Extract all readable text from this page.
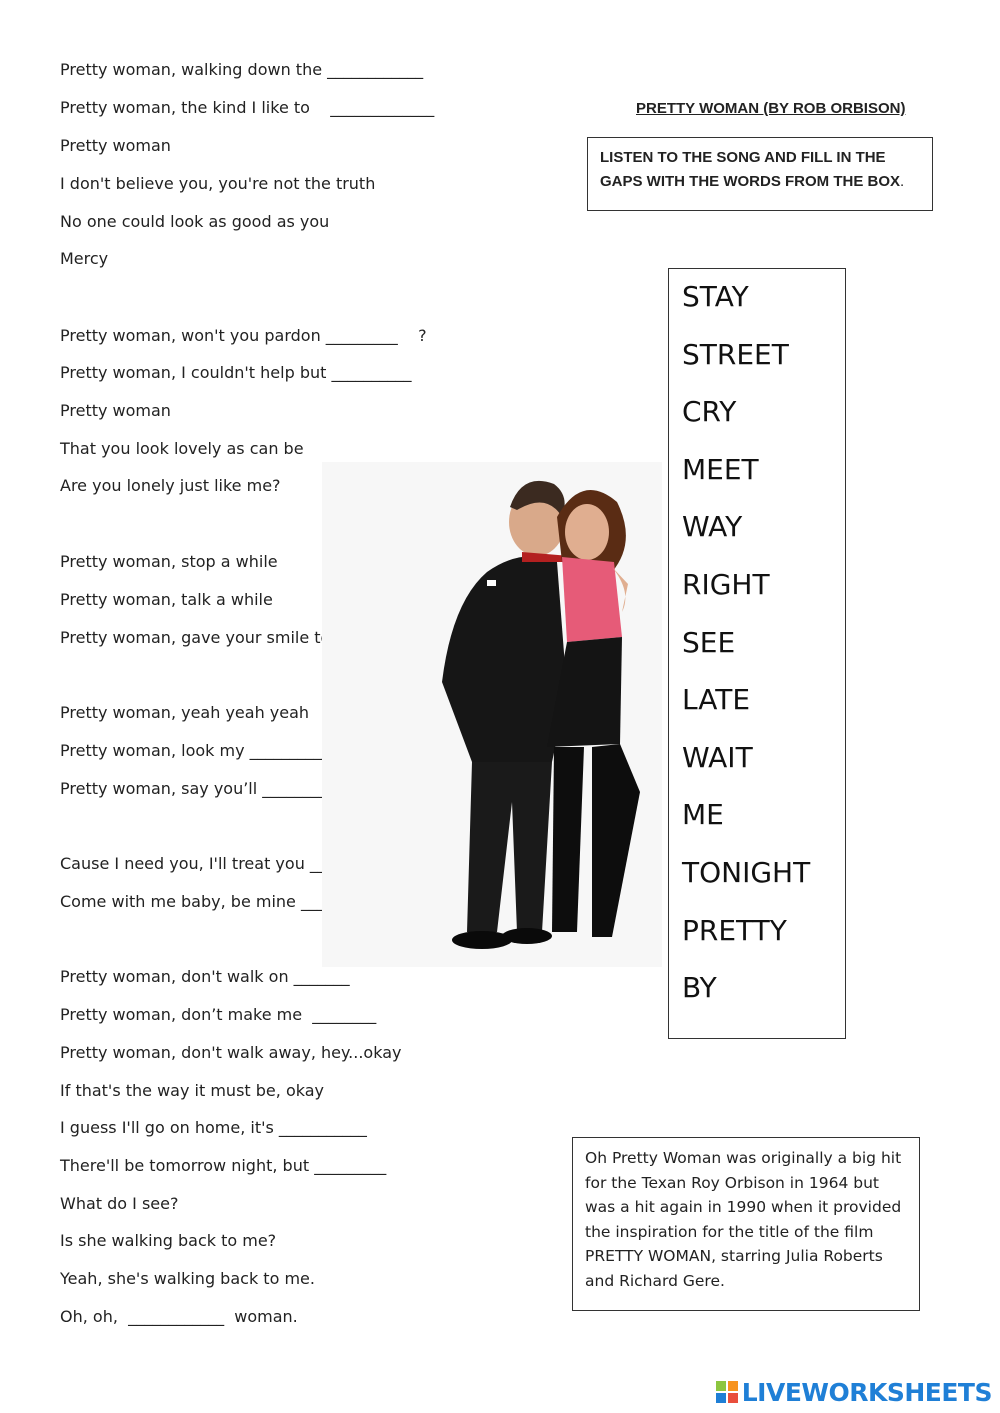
PRETTY WOMAN (BY ROB ORBISON)
LISTEN TO THE SONG AND FILL IN THE GAPS WITH THE WORDS FROM THE BOX.
Pretty woman, walking down the ____________
Pretty woman, the kind I like to    _____________
Pretty woman
I don't believe you, you're not the truth
No one could look as good as you
Mercy
Pretty woman, won't you pardon _________    ?
Pretty woman, I couldn't help but __________
Pretty woman
That you look lovely as can be
Are you lonely just like me?
Pretty woman, stop a while
Pretty woman, talk a while
Pretty woman, gave your smile to me
Pretty woman, yeah yeah yeah
Pretty woman, look my ______________
Pretty woman, say you’ll _________    with me
Cause I need you, I'll treat you ___________
Come with me baby, be mine ____________
Pretty woman, don't walk on _______
Pretty woman, don’t make me  ________
Pretty woman, don't walk away, hey...okay
If that's the way it must be, okay
I guess I'll go on home, it's ___________
There'll be tomorrow night, but _________
What do I see?
Is she walking back to me?
Yeah, she's walking back to me.
Oh, oh,  ____________  woman.
STAY
STREET
CRY
MEET
WAY
RIGHT
SEE
LATE
WAIT
ME
TONIGHT
PRETTY
BY
Oh Pretty Woman was originally a big hit for the Texan Roy Orbison in 1964 but was a hit again in 1990 when it provided the inspiration for the title of the film PRETTY WOMAN, starring Julia Roberts and Richard Gere.
LIVEWORKSHEETS
